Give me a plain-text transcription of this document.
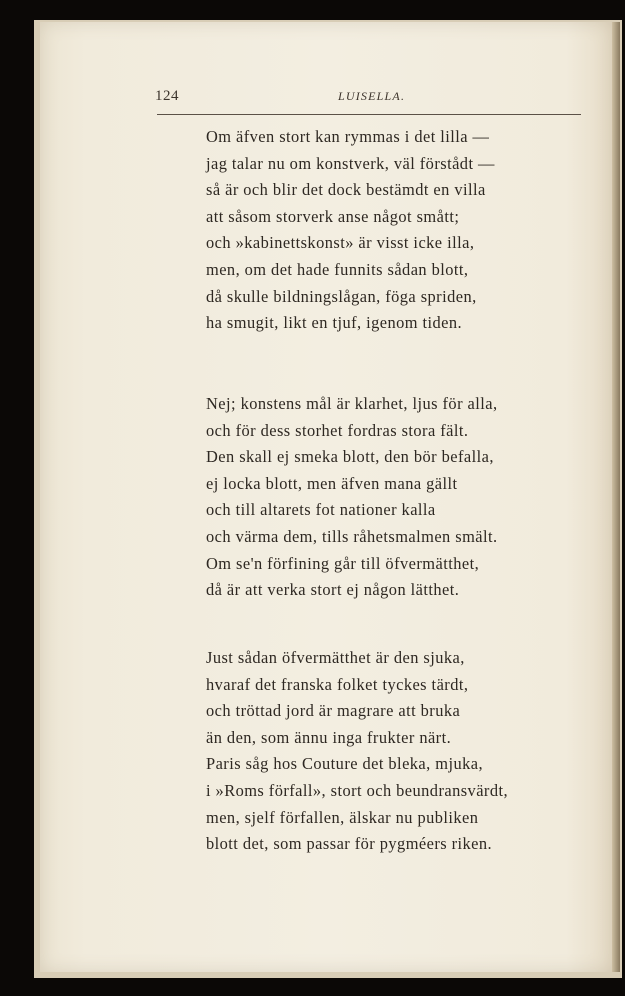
124	LUISELLA.
Om äfven stort kan rymmas i det lilla —
jag talar nu om konstverk, väl förstådt —
så är och blir det dock bestämdt en villa
att såsom storverk anse något smått;
och »kabinettskonst» är visst icke illa,
men, om det hade funnits sådan blott,
då skulle bildningslågan, föga spriden,
ha smugit, likt en tjuf, igenom tiden.
Nej; konstens mål är klarhet, ljus för alla,
och för dess storhet fordras stora fält.
Den skall ej smeka blott, den bör befalla,
ej locka blott, men äfven mana gällt
och till altarets fot nationer kalla
och värma dem, tills råhetsmalmen smält.
Om se'n förfining går till öfvermätthet,
då är att verka stort ej någon lätthet.
Just sådan öfvermätthet är den sjuka,
hvaraf det franska folket tyckes tärdt,
och tröttad jord är magrare att bruka
än den, som ännu inga frukter närt.
Paris såg hos Couture det bleka, mjuka,
i »Roms förfall», stort och beundransvärdt,
men, sjelf förfallen, älskar nu publiken
blott det, som passar för pygméers riken.
